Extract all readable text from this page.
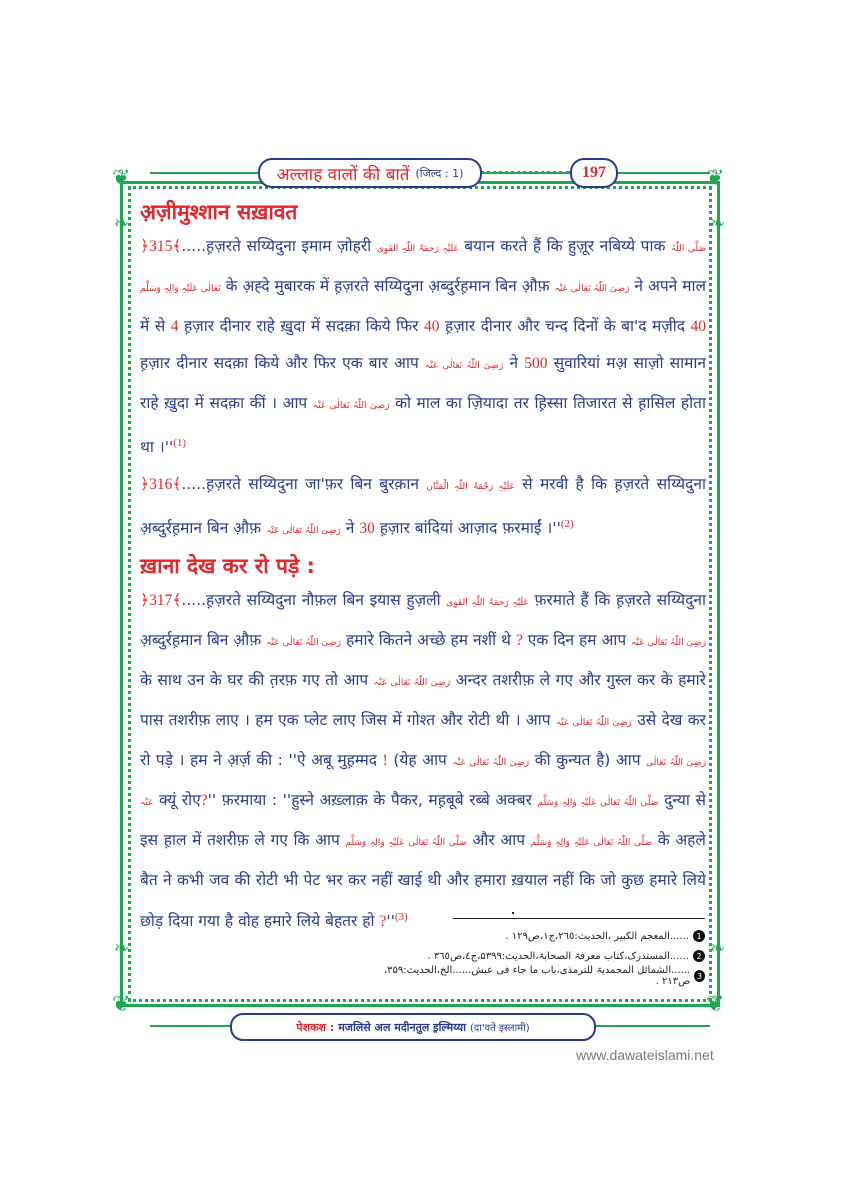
❦	❦
❦	❦
❧	❧
❧	❧
अल्लाह वालों की बातें (जिल्द : 1)	197
अ़ज़ीमुश्शान सख़ावत

﴿315﴾.....ह़ज़रते सय्यिदुना इमाम ज़ोहरी عَلَیْہِ رَحمَۃُ اللّٰہِ القَوِی बयान करते हैं कि हुज़ूर नबिय्ये पाक صَلَّی اللّٰہُ تَعَالٰی عَلَیْہِ وَالِہٖ وَسَلَّم के अ़ह्दे मुबारक में ह़ज़रते सय्यिदुना अ़ब्दुर्रह़मान बिन औ़फ़ رَضِیَ اللّٰہُ تَعَالٰی عَنْہ ने अपने माल में से 4 ह़ज़ार दीनार राहे ख़ुदा में सदक़ा किये फिर 40 ह़ज़ार दीनार और चन्द दिनों के बा'द मज़ीद 40 ह़ज़ार दीनार सदक़ा किये और फिर एक बार आप رَضِیَ اللّٰہُ تَعَالٰی عَنْہ ने 500 सुवारियां मअ़ साज़ो सामान राहे ख़ुदा में सदक़ा कीं । आप رَضِیَ اللّٰہُ تَعَالٰی عَنْہ को माल का ज़ियादा तर ह़िस्सा तिजारत से ह़ासिल होता था $।''^{(1)}$

﴿316﴾.....ह़ज़रते सय्यिदुना जा'फ़र बिन बुरक़ान عَلَیْہِ رَحْمَۃُ اللّٰہِ الْمَنَّان से मरवी है कि ह़ज़रते सय्यिदुना अ़ब्दुर्रह़मान बिन औ़फ़ رَضِیَ اللّٰہُ تَعَالٰی عَنْہ ने 30 ह़ज़ार बांदियां आज़ाद फ़रमाईं $।''^{(2)}$

ख़ाना देख कर रो पड़े :

﴿317﴾.....ह़ज़रते सय्यिदुना नौफ़ल बिन इयास हुज़ली عَلَیْہِ رَحمَۃُ اللّٰہِ القَوِی फ़रमाते हैं कि ह़ज़रते सय्यिदुना अ़ब्दुर्रह़मान बिन औ़फ़ رَضِیَ اللّٰہُ تَعَالٰی عَنْہ हमारे कितने अच्छे हम नशीं थे ? एक दिन हम आप رَضِیَ اللّٰہُ تَعَالٰی عَنْہ के साथ उन के घर की त़रफ़ गए तो आप رَضِیَ اللّٰہُ تَعَالٰی عَنْہ अन्दर तशरीफ़ ले गए और गुस्ल कर के हमारे पास तशरीफ़ लाए । हम एक प्लेट लाए जिस में गोश्त और रोटी थी । आप رَضِیَ اللّٰہُ تَعَالٰی عَنْہ उसे देख कर रो पड़े । हम ने अ़र्ज़ की : ''ऐ अबू मुह़म्मद ! (येह आप رَضِیَ اللّٰہُ تَعَالٰی عَنْہ की कुन्यत है) आप رَضِیَ اللّٰہُ تَعَالٰی عَنْہ क्यूं रोए?'' फ़रमाया : ''हुस्ने अख़्लाक़ के पैकर, मह़बूबे रब्बे अक्बर صَلَّی اللّٰہُ تَعَالٰی عَلَیْہِ وَالِہٖ وَسَلَّم दुन्या से इस ह़ाल में तशरीफ़ ले गए कि आप صَلَّی اللّٰہُ تَعَالٰی عَلَیْہِ وَالِہٖ وَسَلَّم और आप صَلَّی اللّٰہُ تَعَالٰی عَلَیْہِ وَالِہٖ وَسَلَّم के अहले बैत ने कभी जव की रोटी भी पेट भर कर नहीं खाई थी और हमारा ख़याल नहीं कि जो कुछ हमारे लिये छोड़ दिया गया है वोह हमारे लिये बेहतर हो $?''^{(3)}$

1
......المعجم الکبیر ،الحدیث:۲٦٥،ج۱،ص۱۲۹ .
2
......المستدرک،کتاب معرفۃ الصحابۃ،الحدیث:۵۳۹۹،ج٤،ص٣٦٥ .
3
......الشمائل المحمدیۃ للترمذی،باب ما جاء فی عیش......الخ،الحدیث:۳۵۹، ص۲۱۳ .
पेशकश : मजलिसे अल मदीनतुल इ़ल्मिय्या (दा'वते इस्लामी)
www.dawateislami.net
